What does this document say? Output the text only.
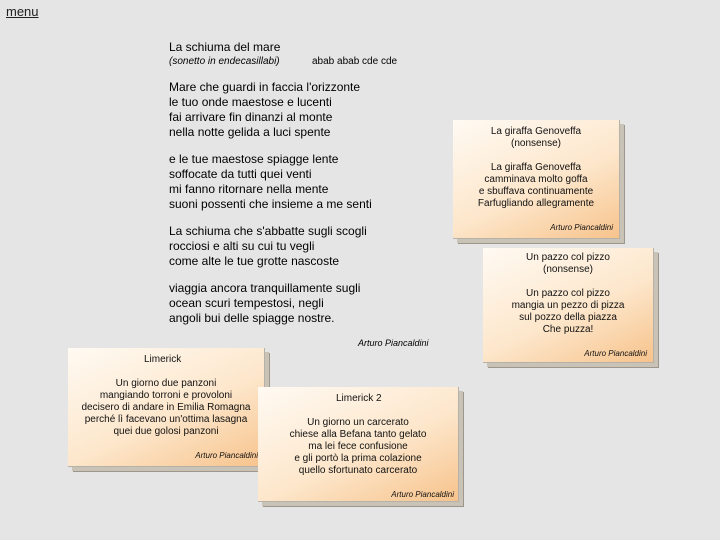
menu
La schiuma del mare
(sonetto in endecasillabi)	abab abab cde cde
Mare che guardi in faccia l'orizzonte
le tuo onde maestose e lucenti
fai arrivare fin dinanzi al monte
nella notte gelida a luci spente
e le tue maestose spiagge lente
soffocate da tutti quei venti
mi fanno ritornare nella mente
suoni possenti che insieme a me senti
La schiuma che s'abbatte sugli scogli
rocciosi e alti su cui tu vegli
come alte le tue grotte nascoste
viaggia ancora tranquillamente sugli
ocean scuri tempestosi, negli
angoli bui delle spiagge nostre.
Arturo Piancaldini
La giraffa Genoveffa
(nonsense)
La giraffa Genoveffa
camminava molto goffa
e sbuffava continuamente
Farfugliando allegramente
Arturo Piancaldini
Un pazzo col pizzo
(nonsense)
Un pazzo col pizzo
mangia un pezzo di pizza
sul pozzo della piazza
Che puzza!
Arturo Piancaldini
Limerick
Un giorno due panzoni
mangiando torroni e provoloni
decisero di andare in Emilia Romagna
perché lì facevano un'ottima lasagna
quei due golosi panzoni
Arturo Piancaldini
Limerick 2
Un giorno un carcerato
chiese alla Befana tanto gelato
ma lei fece confusione
e gli portò la prima colazione
quello sfortunato carcerato
Arturo Piancaldini
